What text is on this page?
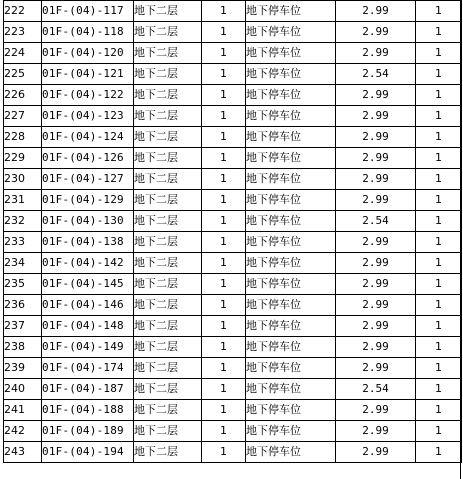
222	01F-(04)-117	地下二层	1	地下停车位	2.99	1
223	01F-(04)-118	地下二层	1	地下停车位	2.99	1
224	01F-(04)-120	地下二层	1	地下停车位	2.99	1
225	01F-(04)-121	地下二层	1	地下停车位	2.54	1
226	01F-(04)-122	地下二层	1	地下停车位	2.99	1
227	01F-(04)-123	地下二层	1	地下停车位	2.99	1
228	01F-(04)-124	地下二层	1	地下停车位	2.99	1
229	01F-(04)-126	地下二层	1	地下停车位	2.99	1
230	01F-(04)-127	地下二层	1	地下停车位	2.99	1
231	01F-(04)-129	地下二层	1	地下停车位	2.99	1
232	01F-(04)-130	地下二层	1	地下停车位	2.54	1
233	01F-(04)-138	地下二层	1	地下停车位	2.99	1
234	01F-(04)-142	地下二层	1	地下停车位	2.99	1
235	01F-(04)-145	地下二层	1	地下停车位	2.99	1
236	01F-(04)-146	地下二层	1	地下停车位	2.99	1
237	01F-(04)-148	地下二层	1	地下停车位	2.99	1
238	01F-(04)-149	地下二层	1	地下停车位	2.99	1
239	01F-(04)-174	地下二层	1	地下停车位	2.99	1
240	01F-(04)-187	地下二层	1	地下停车位	2.54	1
241	01F-(04)-188	地下二层	1	地下停车位	2.99	1
242	01F-(04)-189	地下二层	1	地下停车位	2.99	1
243	01F-(04)-194	地下二层	1	地下停车位	2.99	1
